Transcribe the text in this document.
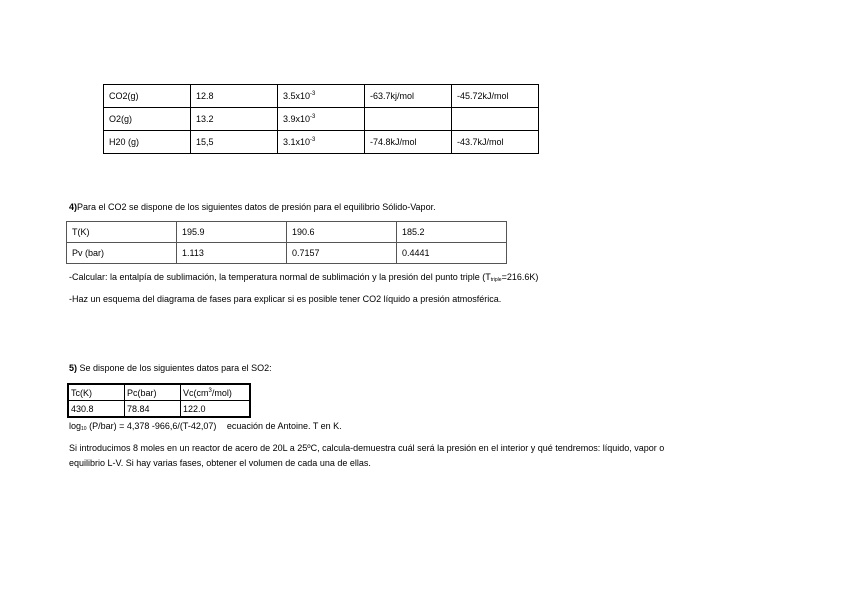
CO2(g)	12.8	$3.5x10^{-3}$	-63.7kj/mol	-45.72kJ/mol
O2(g)	13.2	$3.9x10^{-3}$		
H20 (g)	15,5	$3.1x10^{-3}$	-74.8kJ/mol	-43.7kJ/mol
4)Para el CO2 se dispone de los siguientes datos de presión para el equilibrio Sólido-Vapor.
T(K)	195.9	190.6	185.2
Pv (bar)	1.113	0.7157	0.4441
-Calcular: la entalpía de sublimación, la temperatura normal de sublimación y la presión del punto triple $(T_{triple}=216.6K)$
-Haz un esquema del diagrama de fases para explicar si es posible tener CO2 líquido a presión atmosférica.
5) Se dispone de los siguientes datos para el SO2:
Tc(K)	Pc(bar)	$Vc(cm^3/mol)$
430.8	78.84	122.0
$\log_{10} (P/bar) = 4,378$ -966,6/(T-42,07) ecuación de Antoine. T en K.
Si introducimos 8 moles en un reactor de acero de 20L a 25ºC, calcula-demuestra cuál será la presión en el interior y qué tendremos: líquido, vapor o
equilibrio L-V. Si hay varias fases, obtener el volumen de cada una de ellas.
